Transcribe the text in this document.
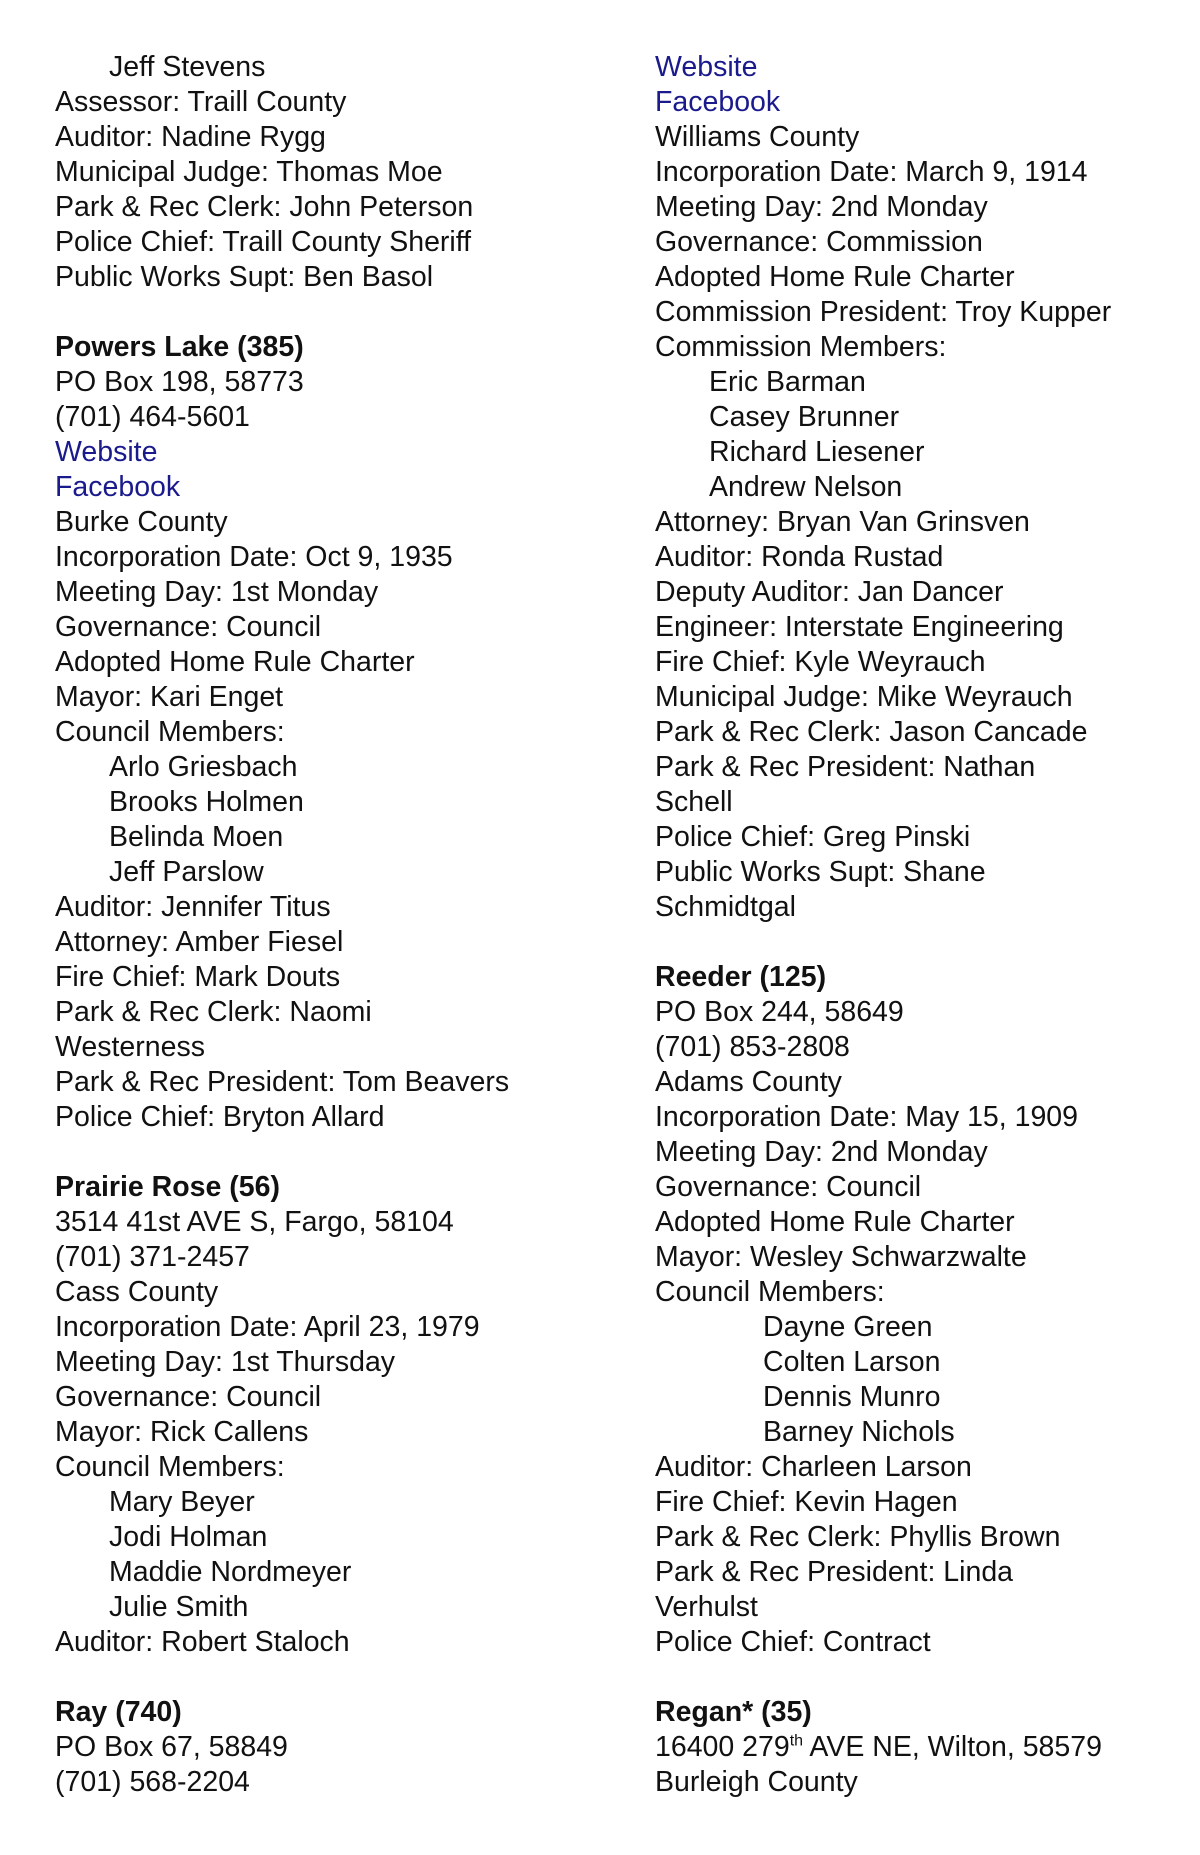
Jeff Stevens
Assessor: Traill County
Auditor: Nadine Rygg
Municipal Judge: Thomas Moe
Park & Rec Clerk: John Peterson
Police Chief: Traill County Sheriff
Public Works Supt: Ben Basol
Powers Lake (385)
PO Box 198, 58773
(701) 464-5601
Website
Facebook
Burke County
Incorporation Date: Oct 9, 1935
Meeting Day: 1st Monday
Governance: Council
Adopted Home Rule Charter
Mayor: Kari Enget
Council Members:
Arlo Griesbach
Brooks Holmen
Belinda Moen
Jeff Parslow
Auditor: Jennifer Titus
Attorney: Amber Fiesel
Fire Chief: Mark Douts
Park & Rec Clerk: Naomi
Westerness
Park & Rec President: Tom Beavers
Police Chief: Bryton Allard
Prairie Rose (56)
3514 41st AVE S, Fargo, 58104
(701) 371-2457
Cass County
Incorporation Date: April 23, 1979
Meeting Day: 1st Thursday
Governance: Council
Mayor: Rick Callens
Council Members:
Mary Beyer
Jodi Holman
Maddie Nordmeyer
Julie Smith
Auditor: Robert Staloch
Ray (740)
PO Box 67, 58849
(701) 568-2204
Website
Facebook
Williams County
Incorporation Date: March 9, 1914
Meeting Day: 2nd Monday
Governance: Commission
Adopted Home Rule Charter
Commission President: Troy Kupper
Commission Members:
Eric Barman
Casey Brunner
Richard Liesener
Andrew Nelson
Attorney: Bryan Van Grinsven
Auditor: Ronda Rustad
Deputy Auditor: Jan Dancer
Engineer: Interstate Engineering
Fire Chief: Kyle Weyrauch
Municipal Judge: Mike Weyrauch
Park & Rec Clerk: Jason Cancade
Park & Rec President: Nathan
Schell
Police Chief: Greg Pinski
Public Works Supt: Shane
Schmidtgal
Reeder (125)
PO Box 244, 58649
(701) 853-2808
Adams County
Incorporation Date: May 15, 1909
Meeting Day: 2nd Monday
Governance: Council
Adopted Home Rule Charter
Mayor: Wesley Schwarzwalte
Council Members:
Dayne Green
Colten Larson
Dennis Munro
Barney Nichols
Auditor: Charleen Larson
Fire Chief: Kevin Hagen
Park & Rec Clerk: Phyllis Brown
Park & Rec President: Linda
Verhulst
Police Chief: Contract
Regan* (35)
16400 279th AVE NE, Wilton, 58579
Burleigh County
